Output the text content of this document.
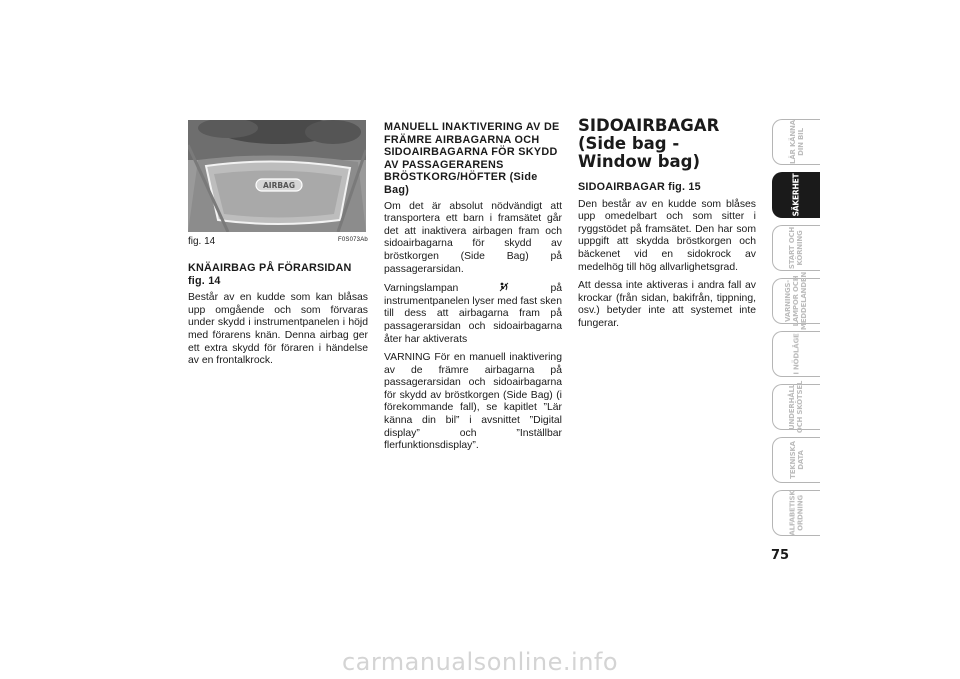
AIRBAG
fig. 14	F0S073Ab
KNÄAIRBAG PÅ FÖRARSIDAN fig. 14

Består av en kudde som kan blåsas upp omgående och som förvaras under skydd i instrumentpanelen i höjd med förarens knän. Denna airbag ger ett extra skydd för föraren i händelse av en frontalkrock.

MANUELL INAKTIVERING AV DE FRÄMRE AIRBAGARNA OCH SIDOAIRBAGARNA FÖR SKYDD AV PASSAGERARENS BRÖSTKORG/HÖFTER (Side Bag)

Om det är absolut nödvändigt att transportera ett barn i framsätet går det att inaktivera airbagen fram och sidoairbagarna för skydd av bröstkorgen (Side Bag) på passagerarsidan.

Varningslampan	på instrumentpanelen lyser med fast sken till dess att airbagarna fram på passagerarsidan och sidoairbagarna åter har aktiverats

VARNING För en manuell inaktivering av de främre airbagarna på passagerarsidan och sidoairbagarna för skydd av bröstkorgen (Side Bag) (i förekommande fall), se kapitlet ”Lär känna din bil” i avsnittet ”Digital display” och ”Inställbar flerfunktionsdisplay”.

SIDOAIRBAGAR
(Side bag - Window bag)
SIDOAIRBAGAR fig. 15

Den består av en kudde som blåses upp omedelbart och som sitter i ryggstödet på framsätet. Den har som uppgift att skydda bröstkorgen och bäckenet vid en sidokrock av medelhög till hög allvarlighetsgrad.

Att dessa inte aktiveras i andra fall av krockar (från sidan, bakifrån, tippning, osv.) betyder inte att systemet inte fungerar.

LÄR KÄNNA
DIN BIL
SÄKERHET
START OCH
KÖRNING
VARNINGS-
LAMPOR OCH
MEDDELANDEN
I NÖDLÄGE
UNDERHÅLL
OCH SKÖTSEL
TEKNISKA
DATA
ALFABETISK
ORDNING
75
carmanualsonline.info
